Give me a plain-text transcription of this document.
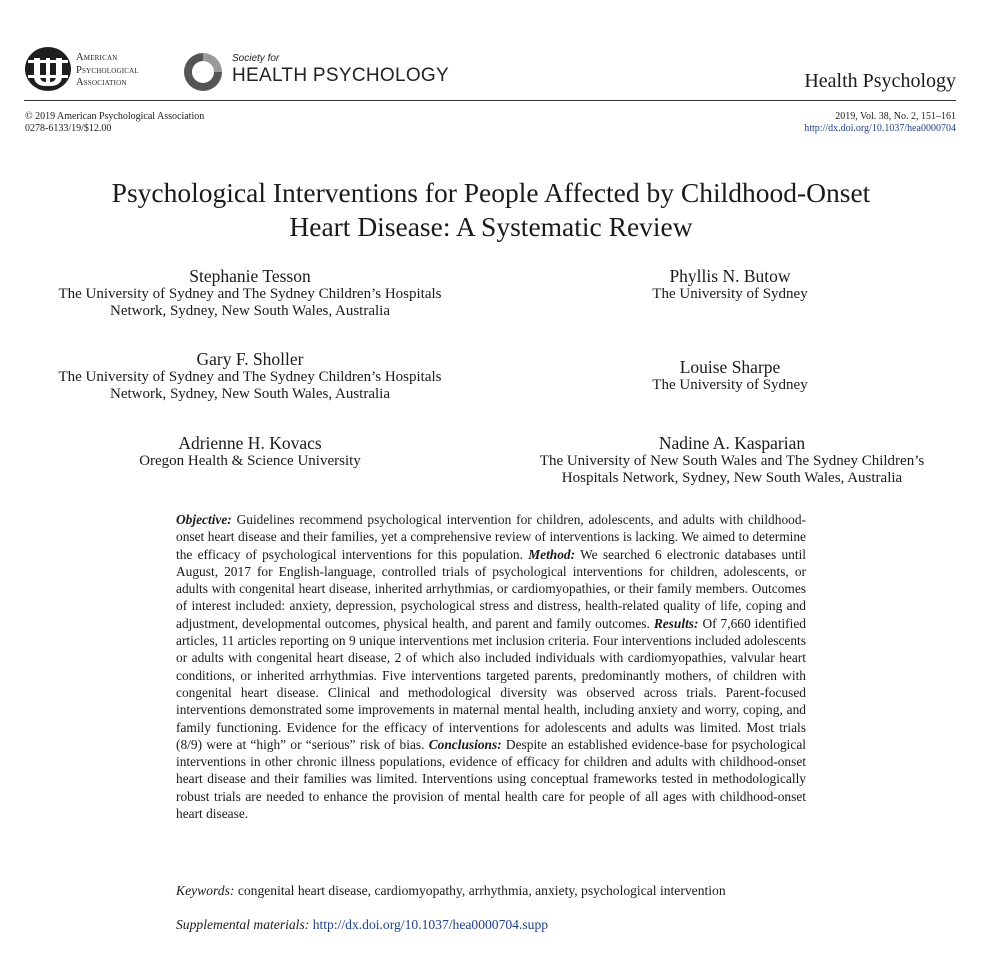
American
Psychological
Association
Society for
HEALTH PSYCHOLOGY	Health Psychology
© 2019 American Psychological Association
0278-6133/19/$12.00
2019, Vol. 38, No. 2, 151–161
http://dx.doi.org/10.1037/hea0000704
Psychological Interventions for People Affected by Childhood-Onset
Heart Disease: A Systematic Review
Stephanie Tesson
The University of Sydney and The Sydney Children’s Hospitals
Network, Sydney, New South Wales, Australia
Phyllis N. Butow
The University of Sydney
Gary F. Sholler
The University of Sydney and The Sydney Children’s Hospitals
Network, Sydney, New South Wales, Australia
Louise Sharpe
The University of Sydney
Adrienne H. Kovacs
Oregon Health & Science University
Nadine A. Kasparian
The University of New South Wales and The Sydney Children’s
Hospitals Network, Sydney, New South Wales, Australia
Objective: Guidelines recommend psychological intervention for children, adolescents, and adults with childhood-onset heart disease and their families, yet a comprehensive review of interventions is lacking. We aimed to determine the efficacy of psychological interventions for this population. Method: We searched 6 electronic databases until August, 2017 for English-language, controlled trials of psychological interventions for children, adolescents, or adults with congenital heart disease, inherited arrhythmias, or cardiomyopathies, or their family members. Outcomes of interest included: anxiety, depression, psychological stress and distress, health-related quality of life, coping and adjustment, developmental outcomes, physical health, and parent and family outcomes. Results: Of 7,660 identified articles, 11 articles reporting on 9 unique interventions met inclusion criteria. Four interventions included adolescents or adults with congenital heart disease, 2 of which also included individuals with cardiomyopathies, valvular heart conditions, or inherited arrhythmias. Five interventions targeted parents, predominantly mothers, of children with congenital heart disease. Clinical and methodological diversity was observed across trials. Parent-focused interventions demonstrated some improvements in maternal mental health, including anxiety and worry, coping, and family functioning. Evidence for the efficacy of interventions for adolescents and adults was limited. Most trials (8/9) were at “high” or “serious” risk of bias. Conclusions: Despite an established evidence-base for psychological interventions in other chronic illness populations, evidence of efficacy for children and adults with childhood-onset heart disease and their families was limited. Interventions using conceptual frameworks tested in methodologically robust trials are needed to enhance the provision of mental health care for people of all ages with childhood-onset heart disease.
Keywords: congenital heart disease, cardiomyopathy, arrhythmia, anxiety, psychological intervention
Supplemental materials: http://dx.doi.org/10.1037/hea0000704.supp
